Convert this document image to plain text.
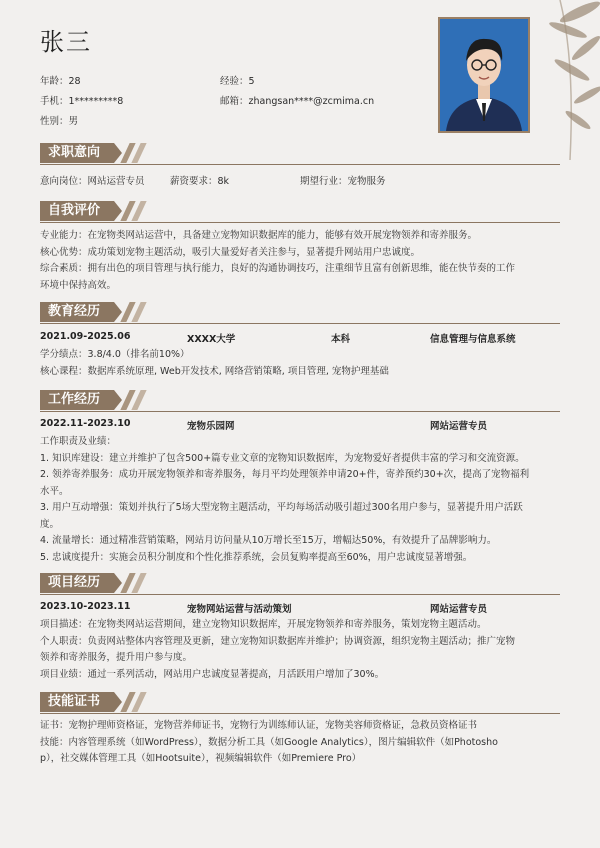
张三
年龄：28	经验：5
手机：1*********8	邮箱：zhangsan****@zcmima.cn
性别：男
求职意向
意向岗位：网站运营专员	薪资要求：8k	期望行业：宠物服务
自我评价
专业能力：在宠物类网站运营中，具备建立宠物知识数据库的能力，能够有效开展宠物领养和寄养服务。
核心优势：成功策划宠物主题活动，吸引大量爱好者关注参与，显著提升网站用户忠诚度。
综合素质：拥有出色的项目管理与执行能力，良好的沟通协调技巧，注重细节且富有创新思维，能在快节奏的工作
环境中保持高效。
教育经历
2021.09-2025.06	XXXX大学	本科	信息管理与信息系统
学分绩点：3.8/4.0（排名前10%）
核心课程：数据库系统原理, Web开发技术, 网络营销策略, 项目管理, 宠物护理基础
工作经历
2022.11-2023.10	宠物乐园网	网站运营专员
工作职责及业绩：
1. 知识库建设：建立并维护了包含500+篇专业文章的宠物知识数据库，为宠物爱好者提供丰富的学习和交流资源。
2. 领养寄养服务：成功开展宠物领养和寄养服务，每月平均处理领养申请20+件，寄养预约30+次，提高了宠物福利
水平。
3. 用户互动增强：策划并执行了5场大型宠物主题活动，平均每场活动吸引超过300名用户参与，显著提升用户活跃
度。
4. 流量增长：通过精准营销策略，网站月访问量从10万增长至15万，增幅达50%，有效提升了品牌影响力。
5. 忠诚度提升：实施会员积分制度和个性化推荐系统，会员复购率提高至60%，用户忠诚度显著增强。
项目经历
2023.10-2023.11	宠物网站运营与活动策划	网站运营专员
项目描述：在宠物类网站运营期间，建立宠物知识数据库，开展宠物领养和寄养服务，策划宠物主题活动。
个人职责：负责网站整体内容管理及更新，建立宠物知识数据库并维护；协调资源，组织宠物主题活动；推广宠物
领养和寄养服务，提升用户参与度。
项目业绩：通过一系列活动，网站用户忠诚度显著提高，月活跃用户增加了30%。
技能证书
证书：宠物护理师资格证，宠物营养师证书，宠物行为训练师认证，宠物美容师资格证，急救员资格证书
技能：内容管理系统（如WordPress），数据分析工具（如Google Analytics），图片编辑软件（如Photosho
p），社交媒体管理工具（如Hootsuite），视频编辑软件（如Premiere Pro）
